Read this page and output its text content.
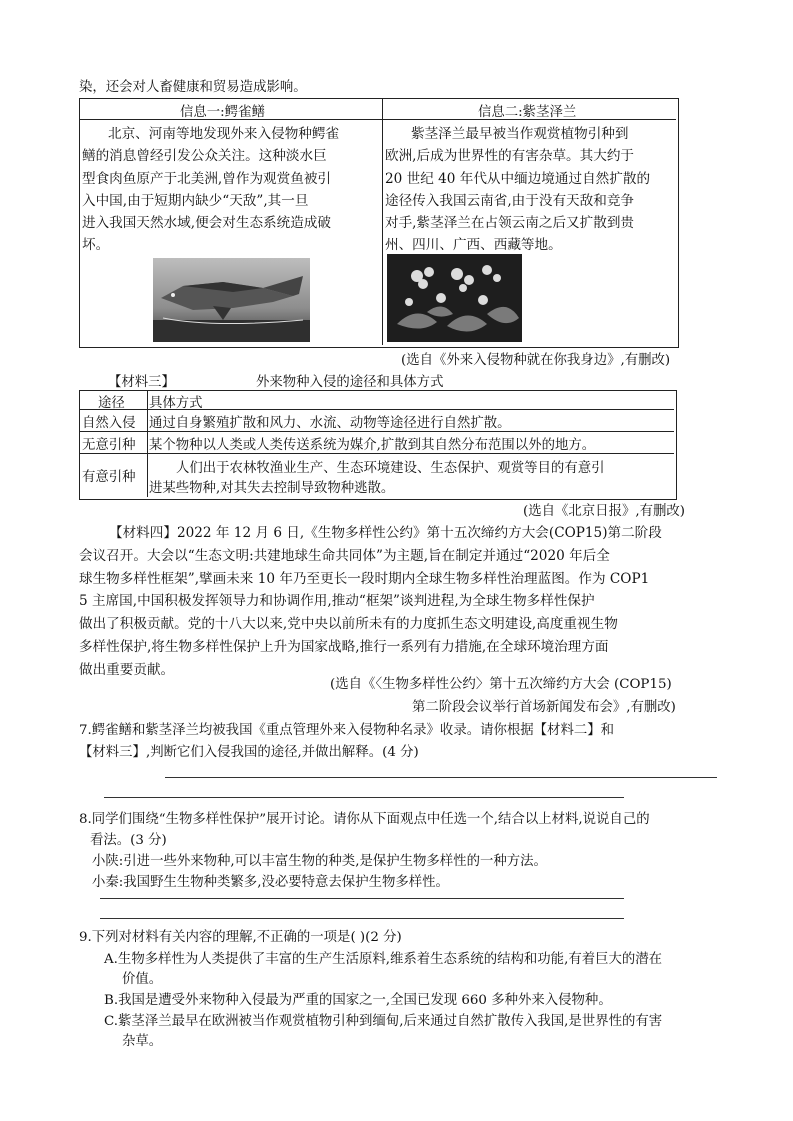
染，还会对人畜健康和贸易造成影响。
信息一:鳄雀鳝	信息二:紫茎泽兰
北京、河南等地发现外来入侵物种鳄雀
鳝的消息曾经引发公众关注。这种淡水巨
型食肉鱼原产于北美洲,曾作为观赏鱼被引
入中国,由于短期内缺少“天敌”,其一旦
进入我国天然水域,便会对生态系统造成破
坏。
紫茎泽兰最早被当作观赏植物引种到
欧洲,后成为世界性的有害杂草。其大约于
20 世纪 40 年代从中缅边境通过自然扩散的
途径传入我国云南省,由于没有天敌和竞争
对手,紫茎泽兰在占领云南之后又扩散到贵
州、四川、广西、西藏等地。
(选自《外来入侵物种就在你我身边》,有删改)
【材料三】	外来物种入侵的途径和具体方式
途径 具体方式
自然入侵 通过自身繁殖扩散和风力、水流、动物等途径进行自然扩散。
无意引种 某个物种以人类或人类传送系统为媒介,扩散到其自然分布范围以外的地方。
有意引种
人们出于农林牧渔业生产、生态环境建设、生态保护、观赏等目的有意引
进某些物种,对其失去控制导致物种逃散。
(选自《北京日报》,有删改)
【材料四】2022 年 12 月 6 日,《生物多样性公约》第十五次缔约方大会(COP15)第二阶段
会议召开。大会以“生态文明:共建地球生命共同体”为主题,旨在制定并通过“2020 年后全
球生物多样性框架”,擘画未来 10 年乃至更长一段时期内全球生物多样性治理蓝图。作为 COP1
5 主席国,中国积极发挥领导力和协调作用,推动“框架”谈判进程,为全球生物多样性保护
做出了积极贡献。党的十八大以来,党中央以前所未有的力度抓生态文明建设,高度重视生物
多样性保护,将生物多样性保护上升为国家战略,推行一系列有力措施,在全球环境治理方面
做出重要贡献。
(选自《〈生物多样性公约〉第十五次缔约方大会 (COP15)
第二阶段会议举行首场新闻发布会》,有删改)
7.鳄雀鳝和紫茎泽兰均被我国《重点管理外来入侵物种名录》收录。请你根据【材料二】和
【材料三】,判断它们入侵我国的途径,并做出解释。(4 分)
8.同学们围绕“生物多样性保护”展开讨论。请你从下面观点中任选一个,结合以上材料,说说自己的
看法。(3 分)
小陕:引进一些外来物种,可以丰富生物的种类,是保护生物多样性的一种方法。
小秦:我国野生生物种类繁多,没必要特意去保护生物多样性。
9.下列对材料有关内容的理解,不正确的一项是( )(2 分)
A.生物多样性为人类提供了丰富的生产生活原料,维系着生态系统的结构和功能,有着巨大的潜在
价值。
B.我国是遭受外来物种入侵最为严重的国家之一,全国已发现 660 多种外来入侵物种。
C.紫茎泽兰最早在欧洲被当作观赏植物引种到缅甸,后来通过自然扩散传入我国,是世界性的有害
杂草。
